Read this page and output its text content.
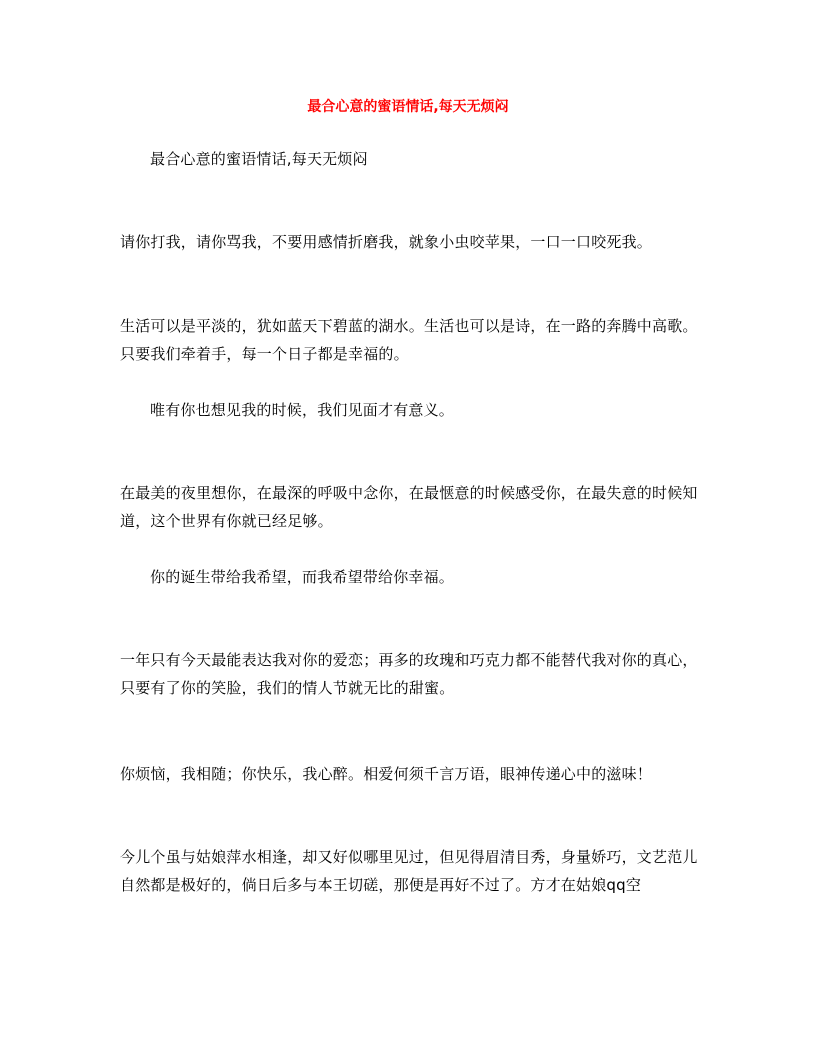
最合心意的蜜语情话,每天无烦闷

最合心意的蜜语情话,每天无烦闷

请你打我，请你骂我，不要用感情折磨我，就象小虫咬苹果，一口一口咬死我。

生活可以是平淡的，犹如蓝天下碧蓝的湖水。生活也可以是诗，在一路的奔腾中高歌。只要我们牵着手，每一个日子都是幸福的。

唯有你也想见我的时候，我们见面才有意义。

在最美的夜里想你，在最深的呼吸中念你，在最惬意的时候感受你，在最失意的时候知道，这个世界有你就已经足够。

你的诞生带给我希望，而我希望带给你幸福。

一年只有今天最能表达我对你的爱恋；再多的玫瑰和巧克力都不能替代我对你的真心，只要有了你的笑脸，我们的情人节就无比的甜蜜。

你烦恼，我相随；你快乐，我心醉。相爱何须千言万语，眼神传递心中的滋味！

今儿个虽与姑娘萍水相逢，却又好似哪里见过，但见得眉清目秀，身量娇巧，文艺范儿自然都是极好的，倘日后多与本王切磋，那便是再好不过了。方才在姑娘qq空
